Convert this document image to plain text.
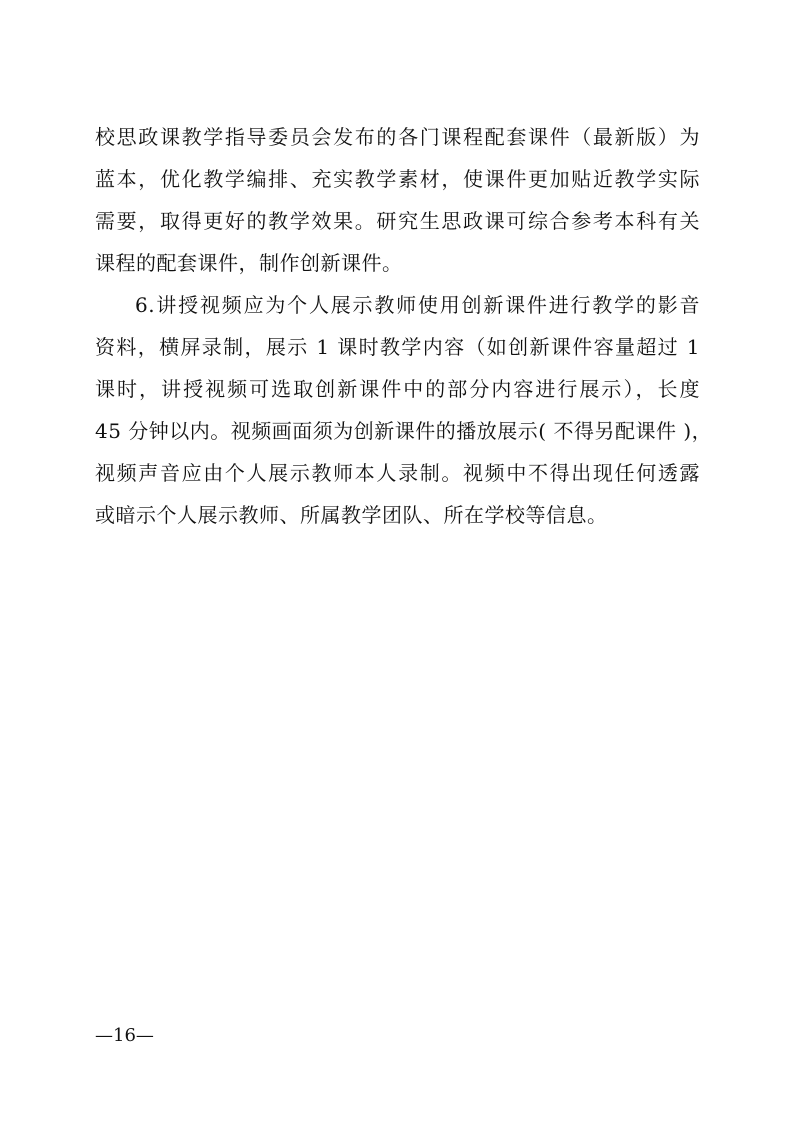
校思政课教学指导委员会发布的各门课程配套课件（最新版）为
蓝本，优化教学编排、充实教学素材，使课件更加贴近教学实际
需要，取得更好的教学效果。研究生思政课可综合参考本科有关
课程的配套课件，制作创新课件。
6.讲授视频应为个人展示教师使用创新课件进行教学的影音
资料，横屏录制，展示 1 课时教学内容（如创新课件容量超过 1
课时，讲授视频可选取创新课件中的部分内容进行展示），长度
45 分钟以内。视频画面须为创新课件的播放展示( 不得另配课件 )，
视频声音应由个人展示教师本人录制。视频中不得出现任何透露
或暗示个人展示教师、所属教学团队、所在学校等信息。
—16—
